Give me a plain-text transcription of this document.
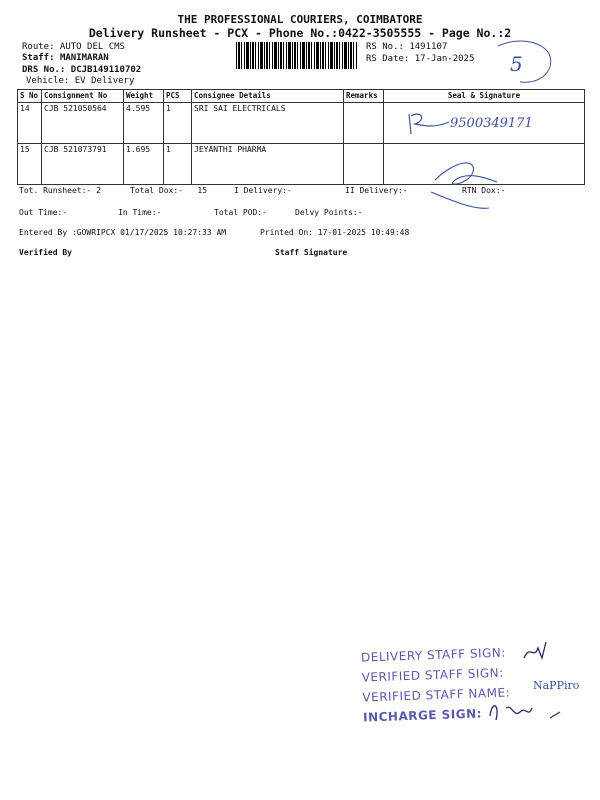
THE PROFESSIONAL COURIERS, COIMBATORE
Delivery Runsheet - PCX - Phone No.:0422-3505555 - Page No.:2
Route: AUTO DEL CMS
Staff: MANIMARAN
DRS No.: DCJB149110702
Vehicle: EV Delivery
RS No.: 1491107
RS Date: 17-Jan-2025 5
S No	Consignment No	Weight	PCS	Consignee Details	Remarks	Seal & Signature
14	CJB 521050564	4.595	1	SRI SAI ELECTRICALS		
15	CJB 521073791	1.695	1	JEYANTHI PHARMA		
9500349171
Tot. Runsheet:- 2	Total Dox:-   15	I Delivery:-	II Delivery:-	RTN Dox:-
Out Time:-	In Time:-	Total POD:-	Delvy Points:-
Entered By :GOWRIPCX 01/17/2025 10:27:33 AM	Printed On: 17-01-2025 10:49:48
Verified By	Staff Signature
DELIVERY STAFF SIGN:
VERIFIED STAFF SIGN:
VERIFIED STAFF NAME:
INCHARGE SIGN:
NaPPiro
